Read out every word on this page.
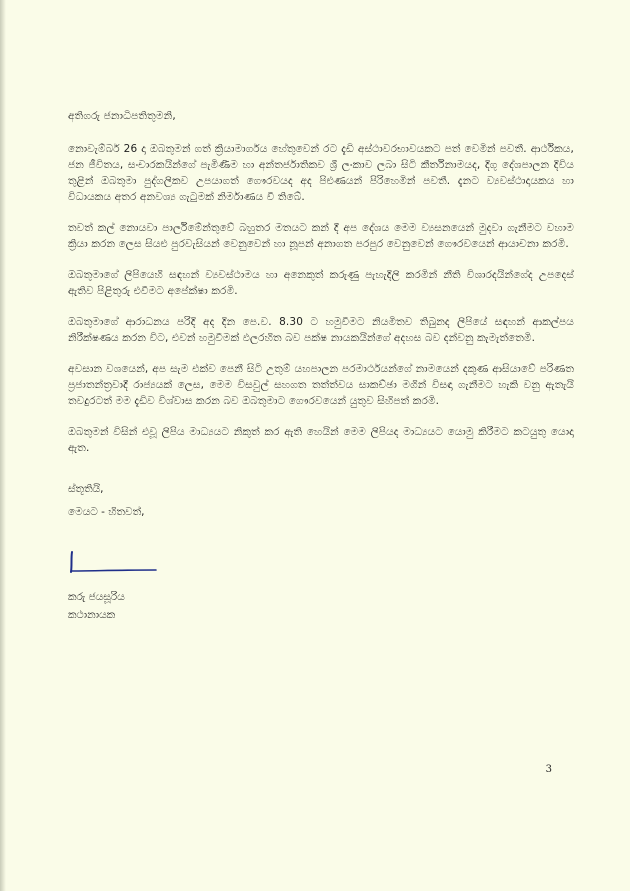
අතිගරු ජනාධිපතිතුමනි,

නොවැම්බර් 26 දා ඔබතුමන් ගත් ක්‍රියාමාර්ගය හේතුවෙන් රට දැඩි අස්ථාවරභාවයකට පත් වෙමින් පවතී. ආර්ථිකය, ජන ජීවිතය, සංචාරකයින්ගේ පැමිණීම හා අන්තර්ජාතිකව ශ්‍රී ලංකාව ලබා සිටි කීර්තිනාමයද, දිගු දේශපාලන දිවිය තුළින් ඔබතුමා පුද්ගලිකව උපයාගත් ගෞරවයද අද පිළුණයන් පිරිහෙමින් පවතී. දැනට ව්‍යවස්ථාදායකය හා විධායකය අතර අනවශ්‍ය ගැටුමක් නිර්මාණය වී තිබේ.

තවත් කල් නොයවා පාර්ලිමේන්තුවේ බහුතර මතයට කන් දී අප දේශය මෙම ව්‍යසනයෙන් මුදවා ගැනීමට වහාම ක්‍රියා කරන ලෙස සියළු පුරවැසියන් වෙනුවෙන් හා නූපන් අනාගත පරපුර වෙනුවෙන් ගෞරවයෙන් ආයාචනා කරමි.

ඔබතුමාගේ ලිපියෙහි සඳහන් ව්‍යවස්ථාමය හා අනෙකුත් කරුණු පැහැදිලි කරමින් නීති විශාරදයින්ගේද උපදෙස් ඇතිව පිළිතුරු එවීමට අපේක්ෂා කරමි.

ඔබතුමාගේ ආරාධනය පරිදි අද දින පෙ.ව. 8.30 ට හමුවීමට නියමිතව තිබුනද ලිපියේ සඳහන් ආකල්පය නිරීක්ෂණය කරන විට, එවන් හමුවීමක් ඵලරහිත බව පක්ෂ නායකයින්ගේ අදහස බව දන්වනු කැමැත්තෙමි.

අවසාන වශයෙන්, අප සැම එක්ව පෙනී සිටි උතුම් යහපාලන පරමාර්ථයන්ගේ නාමයෙන් දකුණ ආසියාවේ පරිණත ප්‍රජාතන්ත්‍රවාදී රාජ්‍යයක් ලෙස, මෙම විසවුල් සහගත තත්ත්වය සාකච්ඡා මගින් විසඳා ගැනීමට හැකි වනු ඇතැයි තවදුරටත් මම දැඩිව විශ්වාස කරන බව ඔබතුමාට ගෞරවයෙන් යුතුව සිහිපත් කරමි.

ඔබතුමන් විසින් එවූ ලිපිය මාධ්‍යයට නිකුත් කර ඇති හෙයින් මෙම ලිපියද මාධ්‍යයට යොමු කිරීමට කටයුතු යොදා ඇත.

ස්තූතියි,
මෙයට - හිතවත්,
කරු ජයසූරිය
කථානායක
3
